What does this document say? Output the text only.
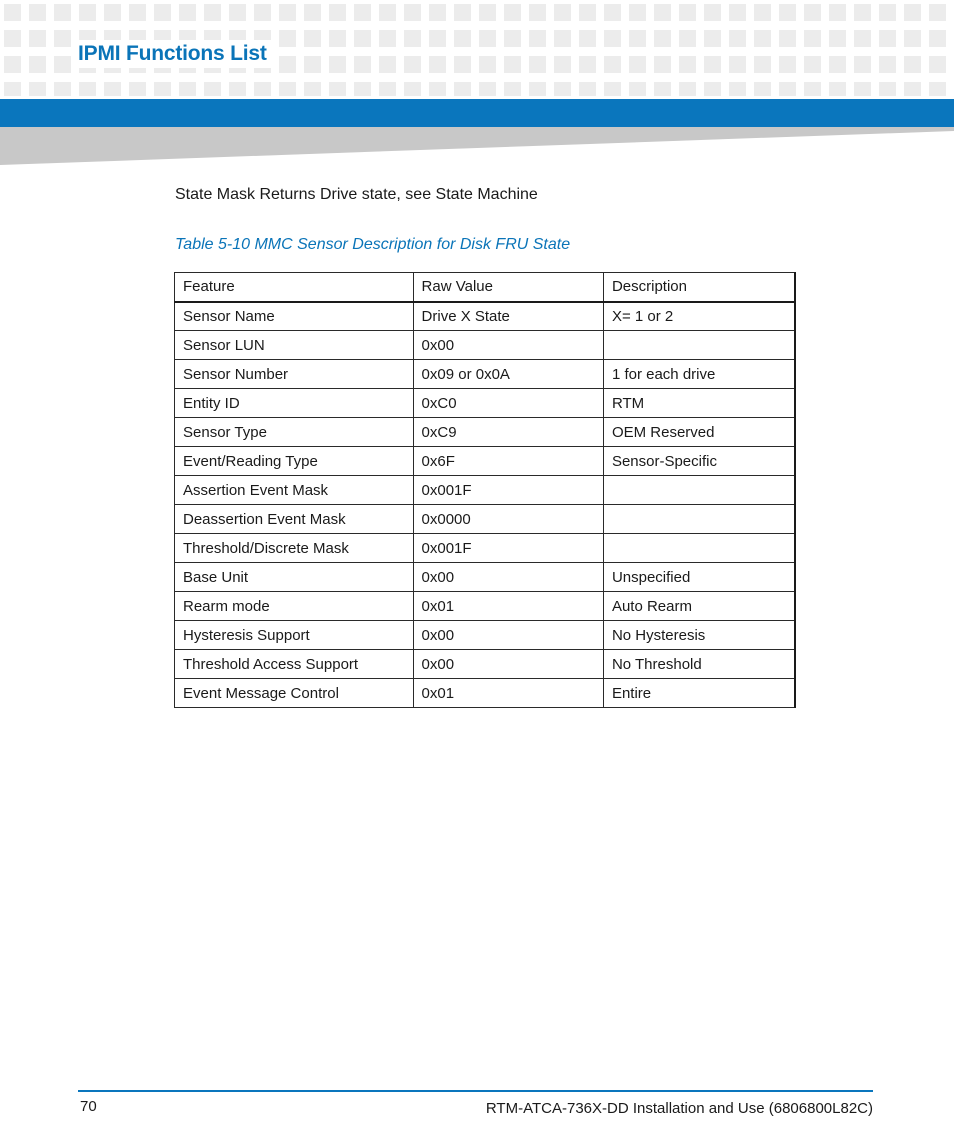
IPMI Functions List

State Mask Returns Drive state, see State Machine

Table 5-10 MMC Sensor Description for Disk FRU State

Feature	Raw Value	Description
Sensor Name	Drive X State	X= 1 or 2
Sensor LUN	0x00	
Sensor Number	0x09 or 0x0A	1 for each drive
Entity ID	0xC0	RTM
Sensor Type	0xC9	OEM Reserved
Event/Reading Type	0x6F	Sensor-Specific
Assertion Event Mask	0x001F	
Deassertion Event Mask	0x0000	
Threshold/Discrete Mask	0x001F	
Base Unit	0x00	Unspecified
Rearm mode	0x01	Auto Rearm
Hysteresis Support	0x00	No Hysteresis
Threshold Access Support	0x00	No Threshold
Event Message Control	0x01	Entire

70	RTM-ATCA-736X-DD Installation and Use (6806800L82C)
